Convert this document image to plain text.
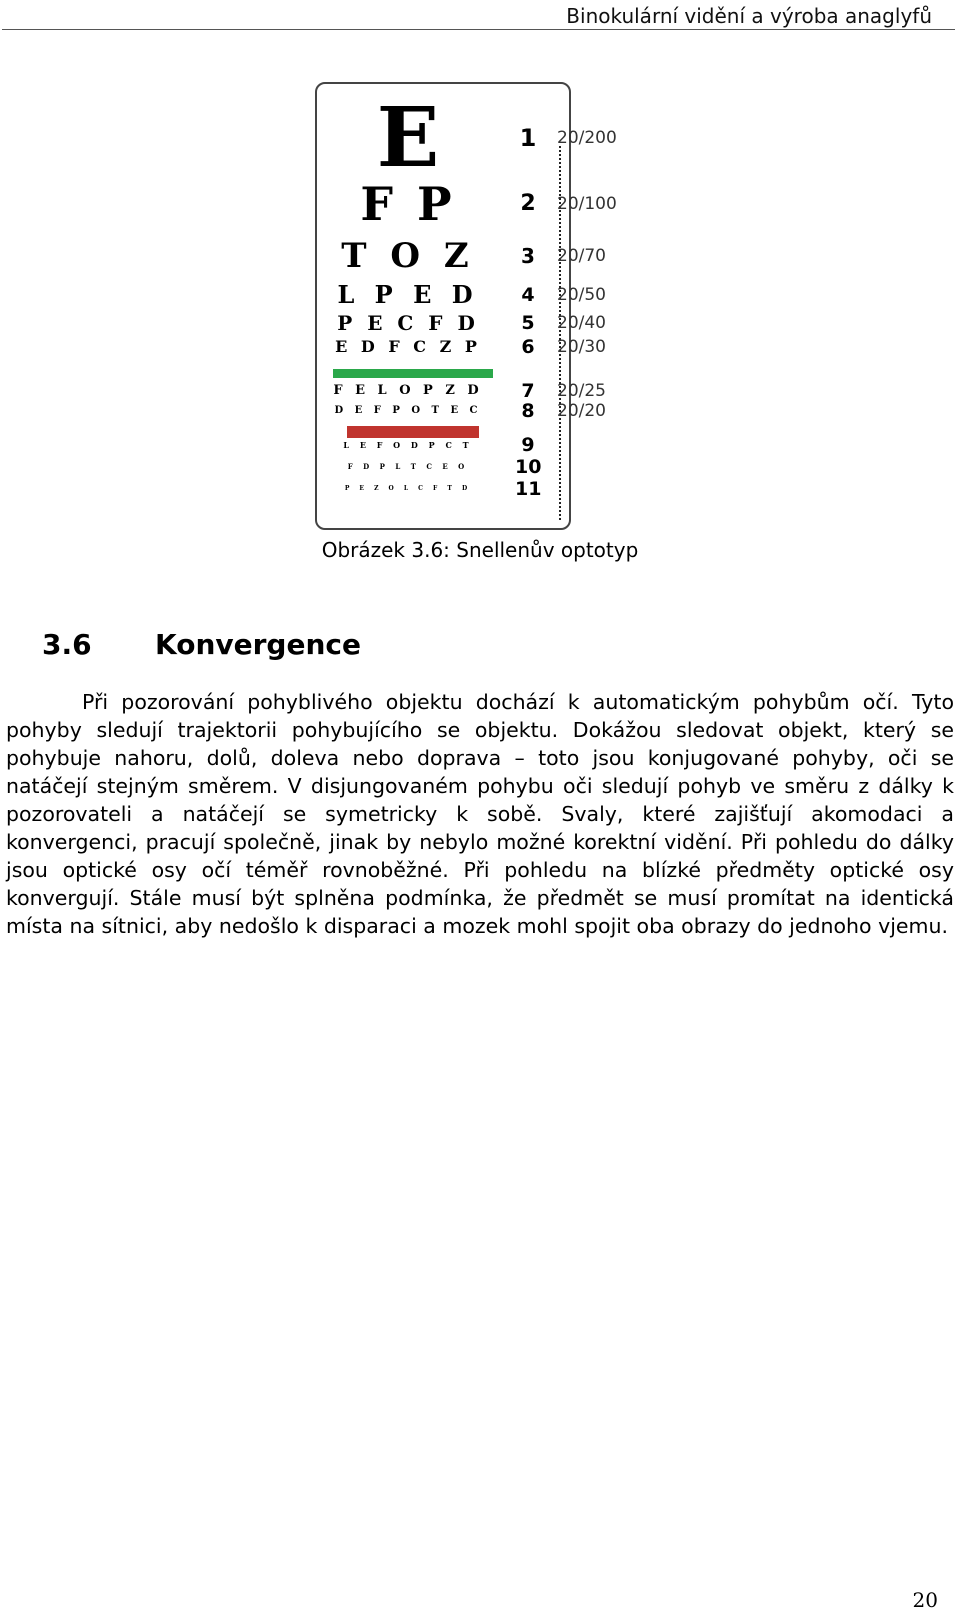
Binokulární vidění a výroba anaglyfů
E	1 20/200
F P	2	20/100
T O Z	3	20/70
L P E D	4	20/50
P E C F D	5	20/40
E D F C Z P	6	20/30
F E L O P Z D	7	20/25
D E F P O T E C	8	20/20
L E F O D P C T	9
F D P L T C E O	10
P E Z O L C F T D	11
Obrázek 3.6: Snellenův optotyp
3.6 Konvergence

Při pozorování pohyblivého objektu dochází k automatickým pohybům očí. Tyto pohyby sledují trajektorii pohybujícího se objektu. Dokážou sledovat objekt, který se pohybuje nahoru, dolů, doleva nebo doprava – toto jsou konjugované pohyby, oči se natáčejí stejným směrem. V disjungovaném pohybu oči sledují pohyb ve směru z dálky k pozorovateli a natáčejí se symetricky k sobě. Svaly, které zajišťují akomodaci a konvergenci, pracují společně, jinak by nebylo možné korektní vidění. Při pohledu do dálky jsou optické osy očí téměř rovnoběžné. Při pohledu na blízké předměty optické osy konvergují. Stále musí být splněna podmínka, že předmět se musí promítat na identická místa na sítnici, aby nedošlo k disparaci a mozek mohl spojit oba obrazy do jednoho vjemu.

20
